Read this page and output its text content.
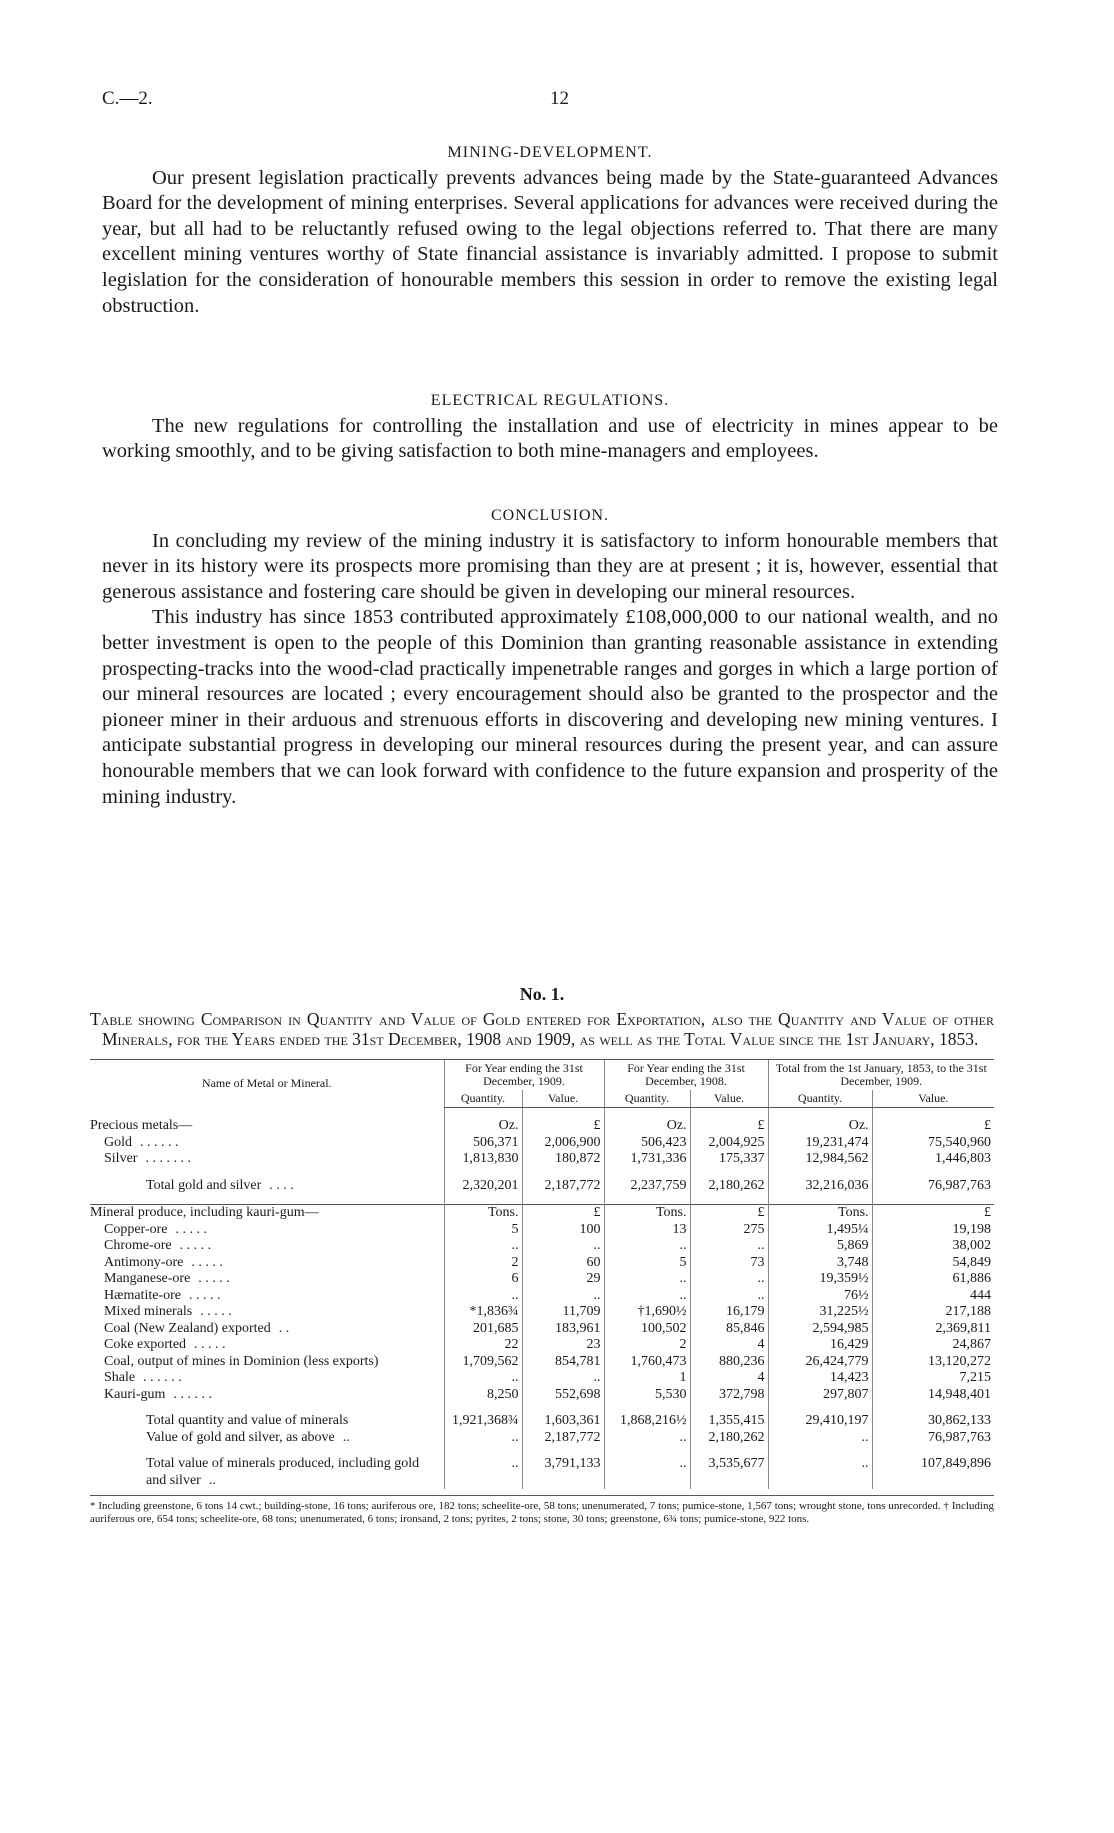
C.—2.	12
MINING-DEVELOPMENT.

Our present legislation practically prevents advances being made by the State-guaranteed Advances Board for the development of mining enterprises. Several applications for advances were received during the year, but all had to be reluctantly refused owing to the legal objections referred to. That there are many excellent mining ventures worthy of State financial assistance is invariably admitted. I propose to submit legislation for the consideration of honourable members this session in order to remove the existing legal obstruction.

ELECTRICAL REGULATIONS.

The new regulations for controlling the installation and use of electricity in mines appear to be working smoothly, and to be giving satisfaction to both mine-managers and employees.

CONCLUSION.

In concluding my review of the mining industry it is satisfactory to inform honourable members that never in its history were its prospects more promising than they are at present ; it is, however, essential that generous assistance and fostering care should be given in developing our mineral resources.

This industry has since 1853 contributed approximately £108,000,000 to our national wealth, and no better investment is open to the people of this Dominion than granting reasonable assistance in extending prospecting-tracks into the wood-clad practically impenetrable ranges and gorges in which a large portion of our mineral resources are located ; every encouragement should also be granted to the prospector and the pioneer miner in their arduous and strenuous efforts in discovering and developing new mining ventures. I anticipate substantial progress in developing our mineral resources during the present year, and can assure honourable members that we can look forward with confidence to the future expansion and prosperity of the mining industry.

No. 1.
Table showing Comparison in Quantity and Value of Gold entered for Exportation, also the Quantity and Value of other Minerals, for the Years ended the 31st December, 1908 and 1909, as well as the Total Value since the 1st January, 1853.
Name of Metal or Mineral.	For Year ending the 31st December, 1909.		For Year ending the 31st December, 1908.		Total from the 1st January, 1853, to the 31st December, 1909.	
	Quantity.	Value.	Quantity.	Value.	Quantity.	Value.

Precious metals—	Oz.	£	Oz.	£	Oz.	£
Gold . . . . . .	506,371	2,006,900	506,423	2,004,925	19,231,474	75,540,960
Silver . . . . . . .	1,813,830	180,872	1,731,336	175,337	12,984,562	1,446,803

Total gold and silver . . . .	2,320,201	2,187,772	2,237,759	2,180,262	32,216,036	76,987,763

Mineral produce, including kauri-gum—	Tons.	£	Tons.	£	Tons.	£
Copper-ore . . . . .	5	100	13	275	1,495¼	19,198
Chrome-ore . . . . .	..	..	..	..	5,869	38,002
Antimony-ore . . . . .	2	60	5	73	3,748	54,849
Manganese-ore . . . . .	6	29	..	..	19,359½	61,886
Hæmatite-ore . . . . .	..	..	..	..	76½	444
Mixed minerals . . . . .	*1,836¾	11,709	†1,690½	16,179	31,225½	217,188
Coal (New Zealand) exported . .	201,685	183,961	100,502	85,846	2,594,985	2,369,811
Coke exported . . . . .	22	23	2	4	16,429	24,867
Coal, output of mines in Dominion (less exports)	1,709,562	854,781	1,760,473	880,236	26,424,779	13,120,272
Shale . . . . . .	..	..	1	4	14,423	7,215
Kauri-gum . . . . . .	8,250	552,698	5,530	372,798	297,807	14,948,401

Total quantity and value of minerals	1,921,368¾	1,603,361	1,868,216½	1,355,415	29,410,197	30,862,133
Value of gold and silver, as above ..	..	2,187,772	..	2,180,262	..	76,987,763

Total value of minerals produced, including gold and silver ..	..	3,791,133	..	3,535,677	..	107,849,896
* Including greenstone, 6 tons 14 cwt.; building-stone, 16 tons; auriferous ore, 182 tons; scheelite-ore, 58 tons; unenumerated, 7 tons; pumice-stone, 1,567 tons; wrought stone, tons unrecorded. † Including auriferous ore, 654 tons; scheelite-ore, 68 tons; unenumerated, 6 tons; ironsand, 2 tons; pyrites, 2 tons; stone, 30 tons; greenstone, 6¾ tons; pumice-stone, 922 tons.
